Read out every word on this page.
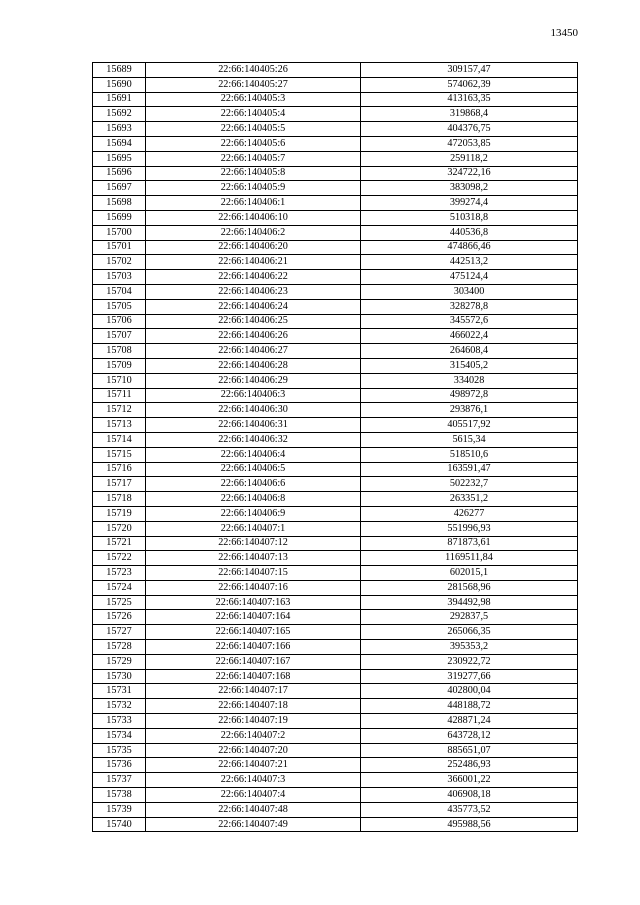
13450
15689	22:66:140405:26	309157,47
15690	22:66:140405:27	574062,39
15691	22:66:140405:3	413163,35
15692	22:66:140405:4	319868,4
15693	22:66:140405:5	404376,75
15694	22:66:140405:6	472053,85
15695	22:66:140405:7	259118,2
15696	22:66:140405:8	324722,16
15697	22:66:140405:9	383098,2
15698	22:66:140406:1	399274,4
15699	22:66:140406:10	510318,8
15700	22:66:140406:2	440536,8
15701	22:66:140406:20	474866,46
15702	22:66:140406:21	442513,2
15703	22:66:140406:22	475124,4
15704	22:66:140406:23	303400
15705	22:66:140406:24	328278,8
15706	22:66:140406:25	345572,6
15707	22:66:140406:26	466022,4
15708	22:66:140406:27	264608,4
15709	22:66:140406:28	315405,2
15710	22:66:140406:29	334028
15711	22:66:140406:3	498972,8
15712	22:66:140406:30	293876,1
15713	22:66:140406:31	405517,92
15714	22:66:140406:32	5615,34
15715	22:66:140406:4	518510,6
15716	22:66:140406:5	163591,47
15717	22:66:140406:6	502232,7
15718	22:66:140406:8	263351,2
15719	22:66:140406:9	426277
15720	22:66:140407:1	551996,93
15721	22:66:140407:12	871873,61
15722	22:66:140407:13	1169511,84
15723	22:66:140407:15	602015,1
15724	22:66:140407:16	281568,96
15725	22:66:140407:163	394492,98
15726	22:66:140407:164	292837,5
15727	22:66:140407:165	265066,35
15728	22:66:140407:166	395353,2
15729	22:66:140407:167	230922,72
15730	22:66:140407:168	319277,66
15731	22:66:140407:17	402800,04
15732	22:66:140407:18	448188,72
15733	22:66:140407:19	428871,24
15734	22:66:140407:2	643728,12
15735	22:66:140407:20	885651,07
15736	22:66:140407:21	252486,93
15737	22:66:140407:3	366001,22
15738	22:66:140407:4	406908,18
15739	22:66:140407:48	435773,52
15740	22:66:140407:49	495988,56
